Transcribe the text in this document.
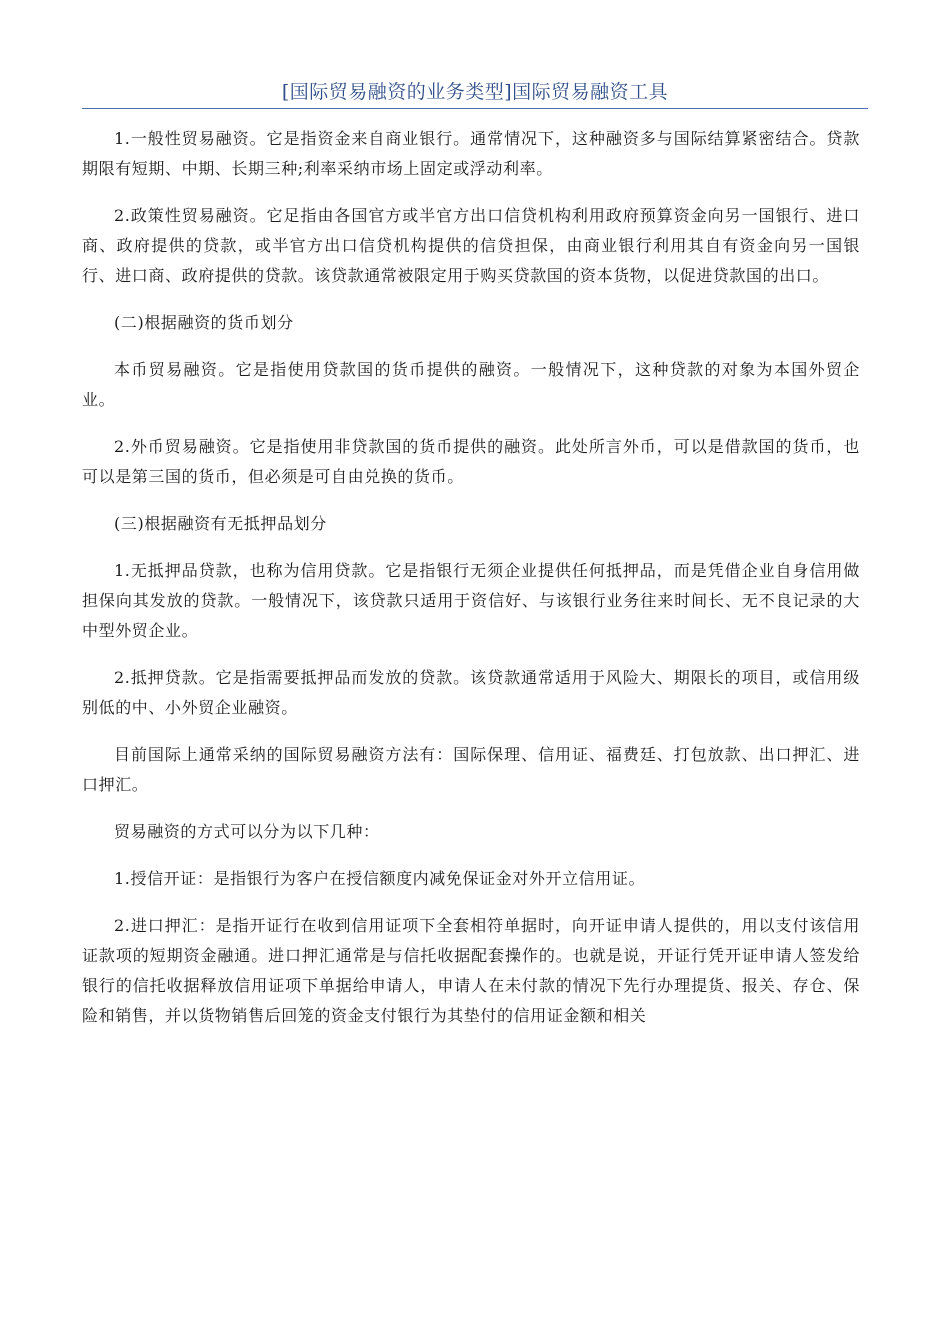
[国际贸易融资的业务类型]国际贸易融资工具

1.一般性贸易融资。它是指资金来自商业银行。通常情况下，这种融资多与国际结算紧密结合。贷款期限有短期、中期、长期三种;利率采纳市场上固定或浮动利率。

2.政策性贸易融资。它足指由各国官方或半官方出口信贷机构利用政府预算资金向另一国银行、进口商、政府提供的贷款，或半官方出口信贷机构提供的信贷担保，由商业银行利用其自有资金向另一国银行、进口商、政府提供的贷款。该贷款通常被限定用于购买贷款国的资本货物，以促进贷款国的出口。

(二)根据融资的货币划分

本币贸易融资。它是指使用贷款国的货币提供的融资。一般情况下，这种贷款的对象为本国外贸企业。

2.外币贸易融资。它是指使用非贷款国的货币提供的融资。此处所言外币，可以是借款国的货币，也可以是第三国的货币，但必须是可自由兑换的货币。

(三)根据融资有无抵押品划分

1.无抵押品贷款，也称为信用贷款。它是指银行无须企业提供任何抵押品，而是凭借企业自身信用做担保向其发放的贷款。一般情况下，该贷款只适用于资信好、与该银行业务往来时间长、无不良记录的大中型外贸企业。

2.抵押贷款。它是指需要抵押品而发放的贷款。该贷款通常适用于风险大、期限长的项目，或信用级别低的中、小外贸企业融资。

目前国际上通常采纳的国际贸易融资方法有：国际保理、信用证、福费廷、打包放款、出口押汇、进口押汇。

贸易融资的方式可以分为以下几种：

1.授信开证：是指银行为客户在授信额度内减免保证金对外开立信用证。

2.进口押汇：是指开证行在收到信用证项下全套相符单据时，向开证申请人提供的，用以支付该信用证款项的短期资金融通。进口押汇通常是与信托收据配套操作的。也就是说，开证行凭开证申请人签发给银行的信托收据释放信用证项下单据给申请人，申请人在未付款的情况下先行办理提货、报关、存仓、保险和销售，并以货物销售后回笼的资金支付银行为其垫付的信用证金额和相关
